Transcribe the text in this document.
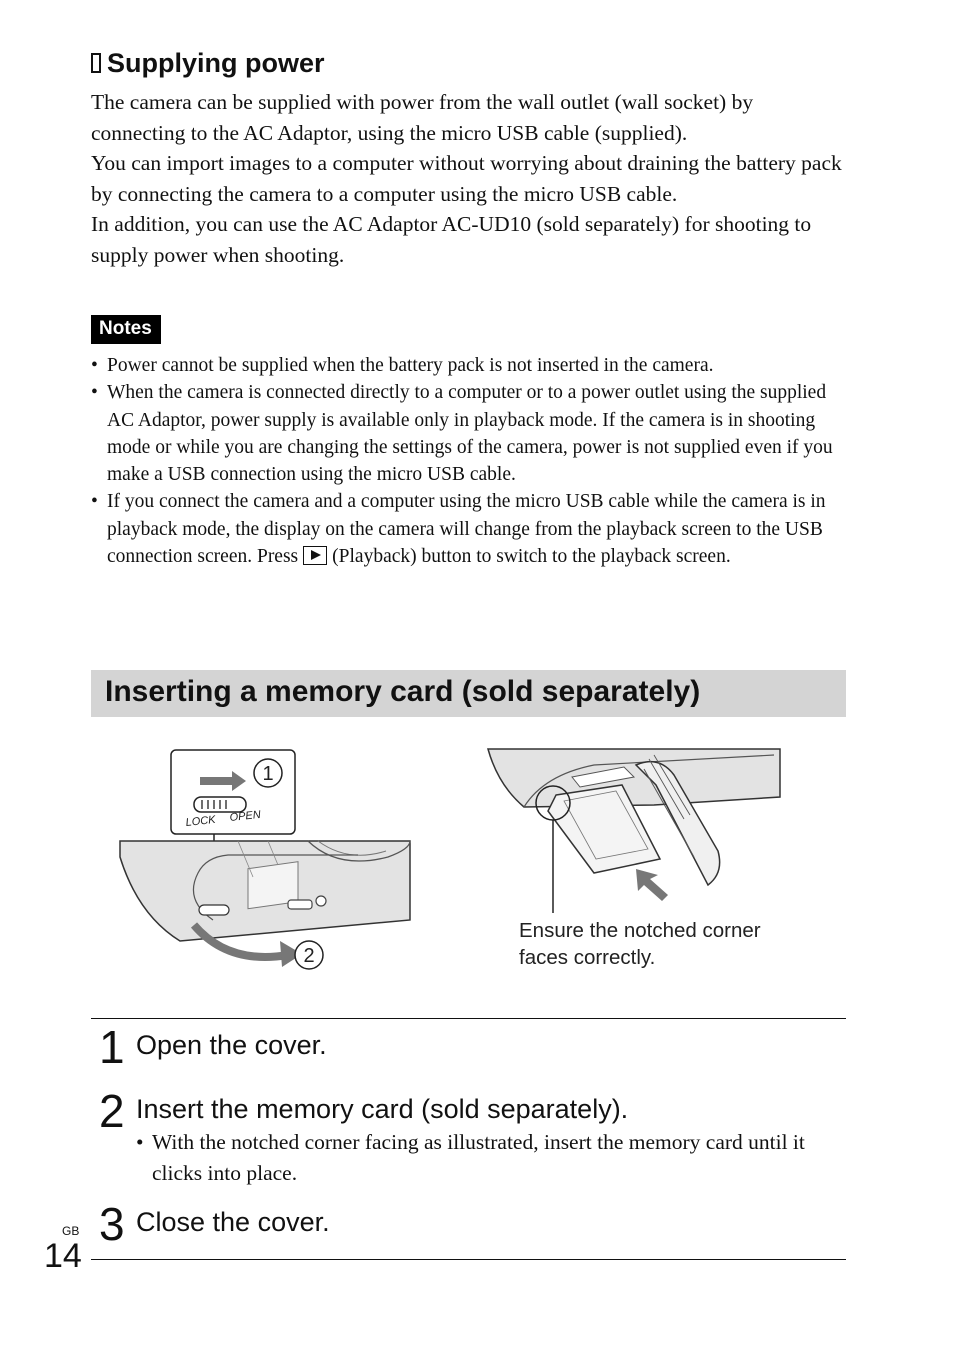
Supplying power

The camera can be supplied with power from the wall outlet (wall socket) by connecting to the AC Adaptor, using the micro USB cable (supplied).

You can import images to a computer without worrying about draining the battery pack by connecting the camera to a computer using the micro USB cable.

In addition, you can use the AC Adaptor AC-UD10 (sold separately) for shooting to supply power when shooting.

Notes
• Power cannot be supplied when the battery pack is not inserted in the camera.
• When the camera is connected directly to a computer or to a power outlet using the supplied AC Adaptor, power supply is available only in playback mode. If the camera is in shooting mode or while you are changing the settings of the camera, power is not supplied even if you make a USB connection using the micro USB cable.
• If you connect the camera and a computer using the micro USB cable while the camera is in playback mode, the display on the camera will change from the playback screen to the USB connection screen. Press (Playback) button to switch to the playback screen.
Inserting a memory card (sold separately)
1
LOCK OPEN
2
Ensure the notched corner
faces correctly.
1 Open the cover.
2 Insert the memory card (sold separately).
• With the notched corner facing as illustrated, insert the memory card until it clicks into place.
3 Close the cover.
GB
14
